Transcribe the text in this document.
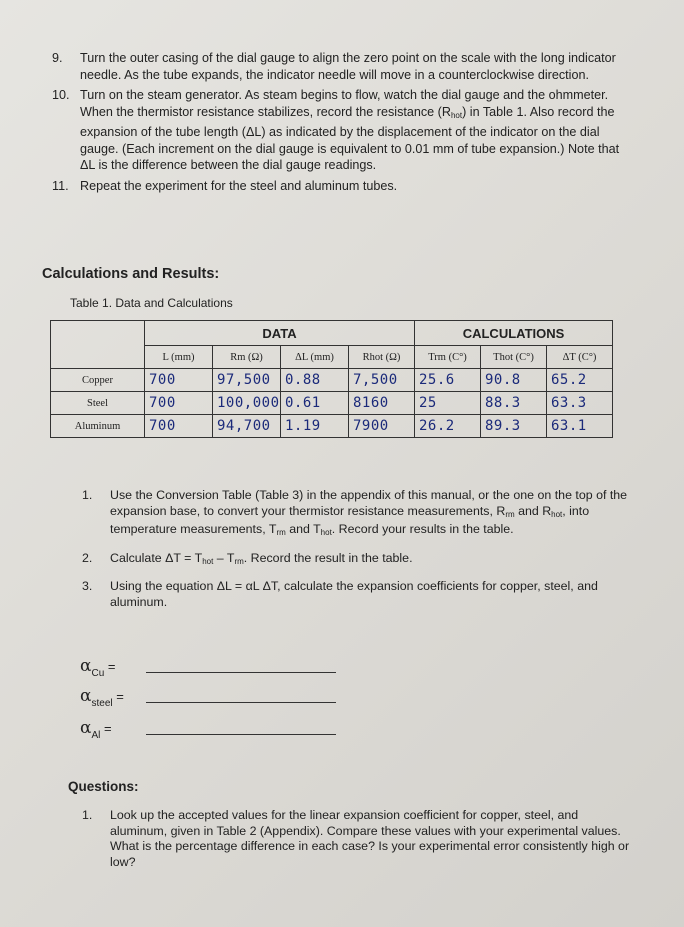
9. Turn the outer casing of the dial gauge to align the zero point on the scale with the long indicator needle. As the tube expands, the indicator needle will move in a counterclockwise direction.
10. Turn on the steam generator. As steam begins to flow, watch the dial gauge and the ohmmeter. When the thermistor resistance stabilizes, record the resistance $(R_{hot})$ in Table 1. Also record the expansion of the tube length (ΔL) as indicated by the displacement of the indicator on the dial gauge. (Each increment on the dial gauge is equivalent to 0.01 mm of tube expansion.) Note that ΔL is the difference between the dial gauge readings.
11. Repeat the experiment for the steel and aluminum tubes.
Calculations and Results:
Table 1. Data and Calculations
	DATA				CALCULATIONS		
	L (mm)	Rm (Ω)	ΔL (mm)	Rhot (Ω)	Trm (C°)	Thot (C°)	ΔT (C°)
Copper	700	97,500	0.88	7,500	25.6	90.8	65.2
Steel	700	100,000	0.61	8160	25	88.3	63.3
Aluminum	700	94,700	1.19	7900	26.2	89.3	63.1
1. Use the Conversion Table (Table 3) in the appendix of this manual, or the one on the top of the expansion base, to convert your thermistor resistance measurements, $R_{rm}$ and $R_{hot}$, into temperature measurements, $T_{rm}$ and $T_{hot}$. Record your results in the table.
2. Calculate $\Delta T = T_{hot} - T_{rm}$. Record the result in the table.
3. Using the equation ΔL = αL ΔT, calculate the expansion coefficients for copper, steel, and aluminum.
$\alpha_{Cu}$ =
$\alpha_{steel}$ =
$\alpha_{Al}$ =
Questions:
1. Look up the accepted values for the linear expansion coefficient for copper, steel, and aluminum, given in Table 2 (Appendix). Compare these values with your experimental values. What is the percentage difference in each case? Is your experimental error consistently high or low?
